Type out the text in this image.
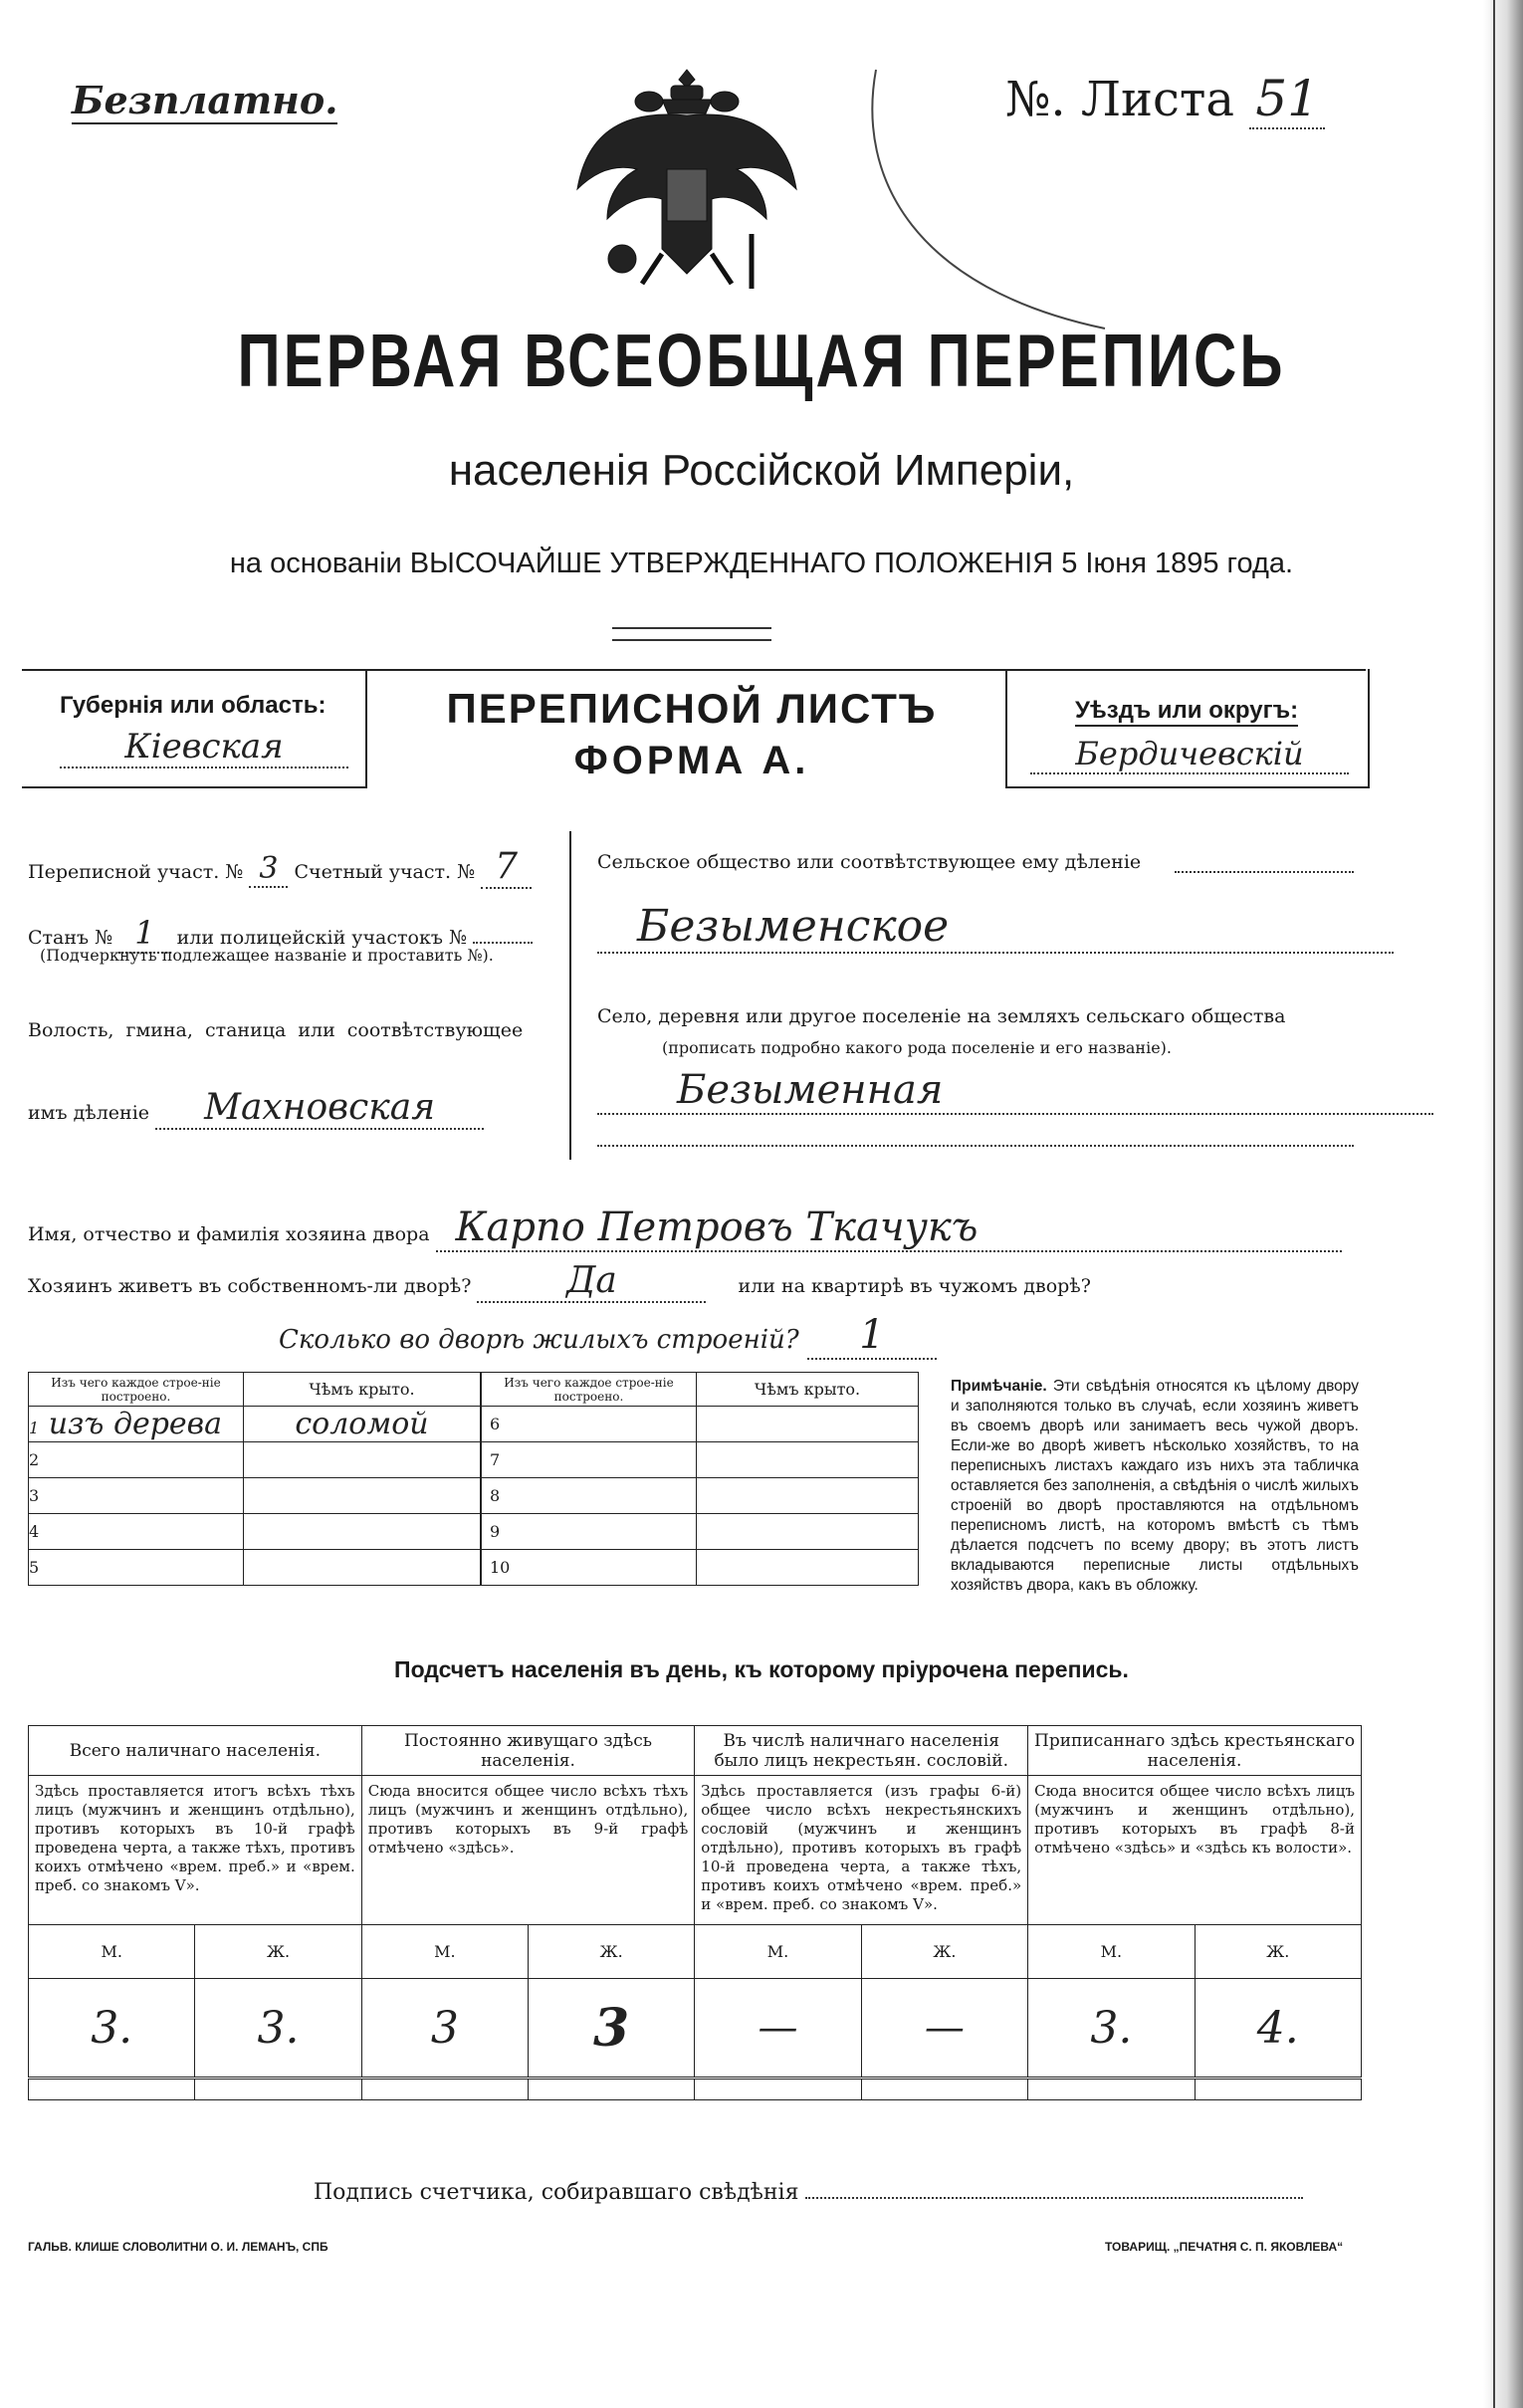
Безплатно.	№. Листа 51
ПЕРВАЯ ВСЕОБЩАЯ ПЕРЕПИСЬ
населенія Россійской Имперіи,
на основаніи ВЫСОЧАЙШЕ УТВЕРЖДЕННАГО ПОЛОЖЕНІЯ 5 Іюня 1895 года.
Губернія или область:
Кіевская
ПЕРЕПИСНОЙ ЛИСТЪ
ФОРМА А.
Уѣздъ или округъ:
Бердичевскій
Переписной участ. № 3 Счетный участ. № 7
Станъ № 1 или полицейскій участокъ №
(Подчеркнуть подлежащее названіе и проставить №).
Волость, гмина, станица или соотвѣтствующее
имъ дѣленіе Махновская
Сельское общество или соотвѣтствующее ему дѣленіе
Безыменское
Село, деревня или другое поселеніе на земляхъ сельскаго общества
(прописать подробно какого рода поселеніе и его названіе).
Безыменная
Имя, отчество и фамилія хозяина двора Карпо Петровъ Ткачукъ
Хозяинъ живетъ въ собственномъ-ли дворѣ?	Да	или на квартирѣ въ чужомъ дворѣ?
Сколько во дворѣ жилыхъ строеній? 1
Изъ чего каждое строе-ніе построено.	Чѣмъ крыто.
1 изъ дерева	соломой
2	
3	
4	
5	
Изъ чего каждое строе-ніе построено.	Чѣмъ крыто.
6	
7	
8	
9	
10	
Примѣчаніе. Эти свѣдѣнія относятся къ цѣлому двору и заполняются только въ случаѣ, если хозяинъ живетъ въ своемъ дворѣ или занимаетъ весь чужой дворъ. Если-же во дворѣ живетъ нѣсколько хозяйствъ, то на переписныхъ листахъ каждаго изъ нихъ эта табличка оставляется без заполненія, а свѣдѣнія о числѣ жилыхъ строеній во дворѣ проставляются на отдѣльномъ переписномъ листѣ, на которомъ вмѣстѣ съ тѣмъ дѣлается подсчетъ по всему двору; въ этотъ листъ вкладываются переписные листы отдѣльныхъ хозяйствъ двора, какъ въ обложку.
Подсчетъ населенія въ день, къ которому пріурочена перепись.
Всего наличнаго населенія.		Постоянно живущаго здѣсь населенія.		Въ числѣ наличнаго населенія было лицъ некрестьян. сословій.		Приписаннаго здѣсь крестьянскаго населенія.	
Здѣсь проставляется итогъ всѣхъ тѣхъ лицъ (мужчинъ и женщинъ отдѣльно), противъ которыхъ въ 10-й графѣ проведена черта, а также тѣхъ, противъ коихъ отмѣчено «врем. преб.» и «врем. преб. со знакомъ V».		Сюда вносится общее число всѣхъ тѣхъ лицъ (мужчинъ и женщинъ отдѣльно), противъ которыхъ въ 9-й графѣ отмѣчено «здѣсь».		Здѣсь проставляется (изъ графы 6-й) общее число всѣхъ некрестьянскихъ сословій (мужчинъ и женщинъ отдѣльно), противъ которыхъ въ графѣ 10-й проведена черта, а также тѣхъ, противъ коихъ отмѣчено «врем. преб.» и «врем. преб. со знакомъ V».		Сюда вносится общее число всѣхъ лицъ (мужчинъ и женщинъ отдѣльно), противъ которыхъ въ графѣ 8-й отмѣчено «здѣсь» и «здѣсь къ волости».	
М.	Ж.	М.	Ж.	М.	Ж.	М.	Ж.
3.	3.	3	3	—	—	3.	4.

Подпись счетчика, собиравшаго свѣдѣнія
ГАЛЬВ. КЛИШЕ СЛОВОЛИТНИ О. И. ЛЕМАНЪ, СПБ	ТОВАРИЩ. „ПЕЧАТНЯ С. П. ЯКОВЛЕВА“
